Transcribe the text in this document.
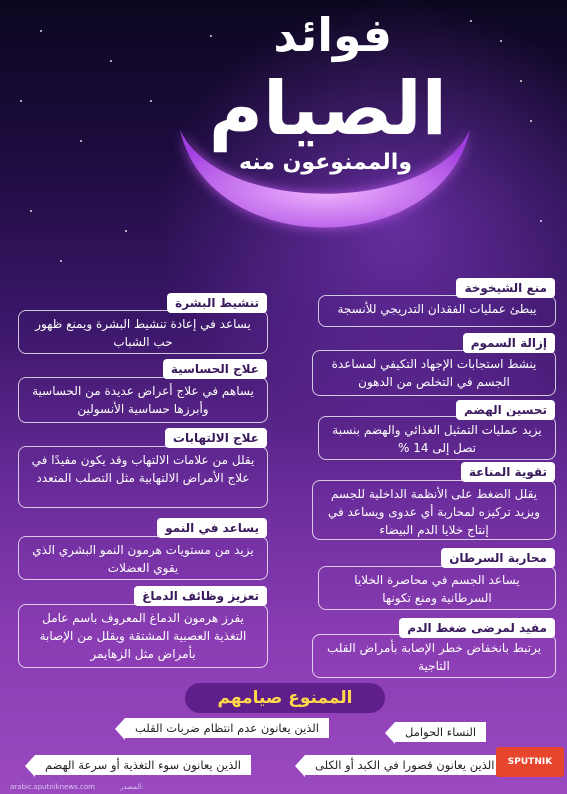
فوائد
الصيام
والممنوعون منه
منع الشيخوخة
يبطئ عمليات الفقدان التدريجي للأنسجة
إزالة السموم
ينشط استجابات الإجهاد التكيفي لمساعدة الجسم في التخلص من الدهون
تحسين الهضم
يزيد عمليات التمثيل الغذائي والهضم بنسبة تصل إلى 14 %
تقوية المناعة
يقلل الضغط على الأنظمة الداخلية للجسم ويزيد تركيزه لمحاربة أي عدوى ويساعد في إنتاج خلايا الدم البيضاء
محاربة السرطان
يساعد الجسم في محاصرة الخلايا السرطانية ومنع تكونها
مفيد لمرضى ضغط الدم
يرتبط بانخفاض خطر الإصابة بأمراض القلب التاجية
تنشيط البشرة
يساعد في إعادة تنشيط البشرة ويمنع ظهور حب الشباب
علاج الحساسية
يساهم في علاج أعراض عديدة من الحساسية وأبرزها حساسية الأنسولين
علاج الالتهابات
يقلل من علامات الالتهاب وقد يكون مفيدًا في علاج الأمراض الالتهابية مثل التصلب المتعدد
يساعد في النمو
يزيد من مستويات هرمون النمو البشري الذي يقوي العضلات
تعزيز وظائف الدماغ
يفرز هرمون الدماغ المعروف باسم عامل التغذية العصبية المشتقة ويقلل من الإصابة بأمراض مثل الزهايمر
الممنوع صيامهم
الذين يعانون عدم انتظام ضربات القلب	النساء الحوامل
الذين يعانون سوء التغذية أو سرعة الهضم	الذين يعانون قصورا في الكبد أو الكلى	SPUTNIK
arabic.sputniknews.com	المصدر:
